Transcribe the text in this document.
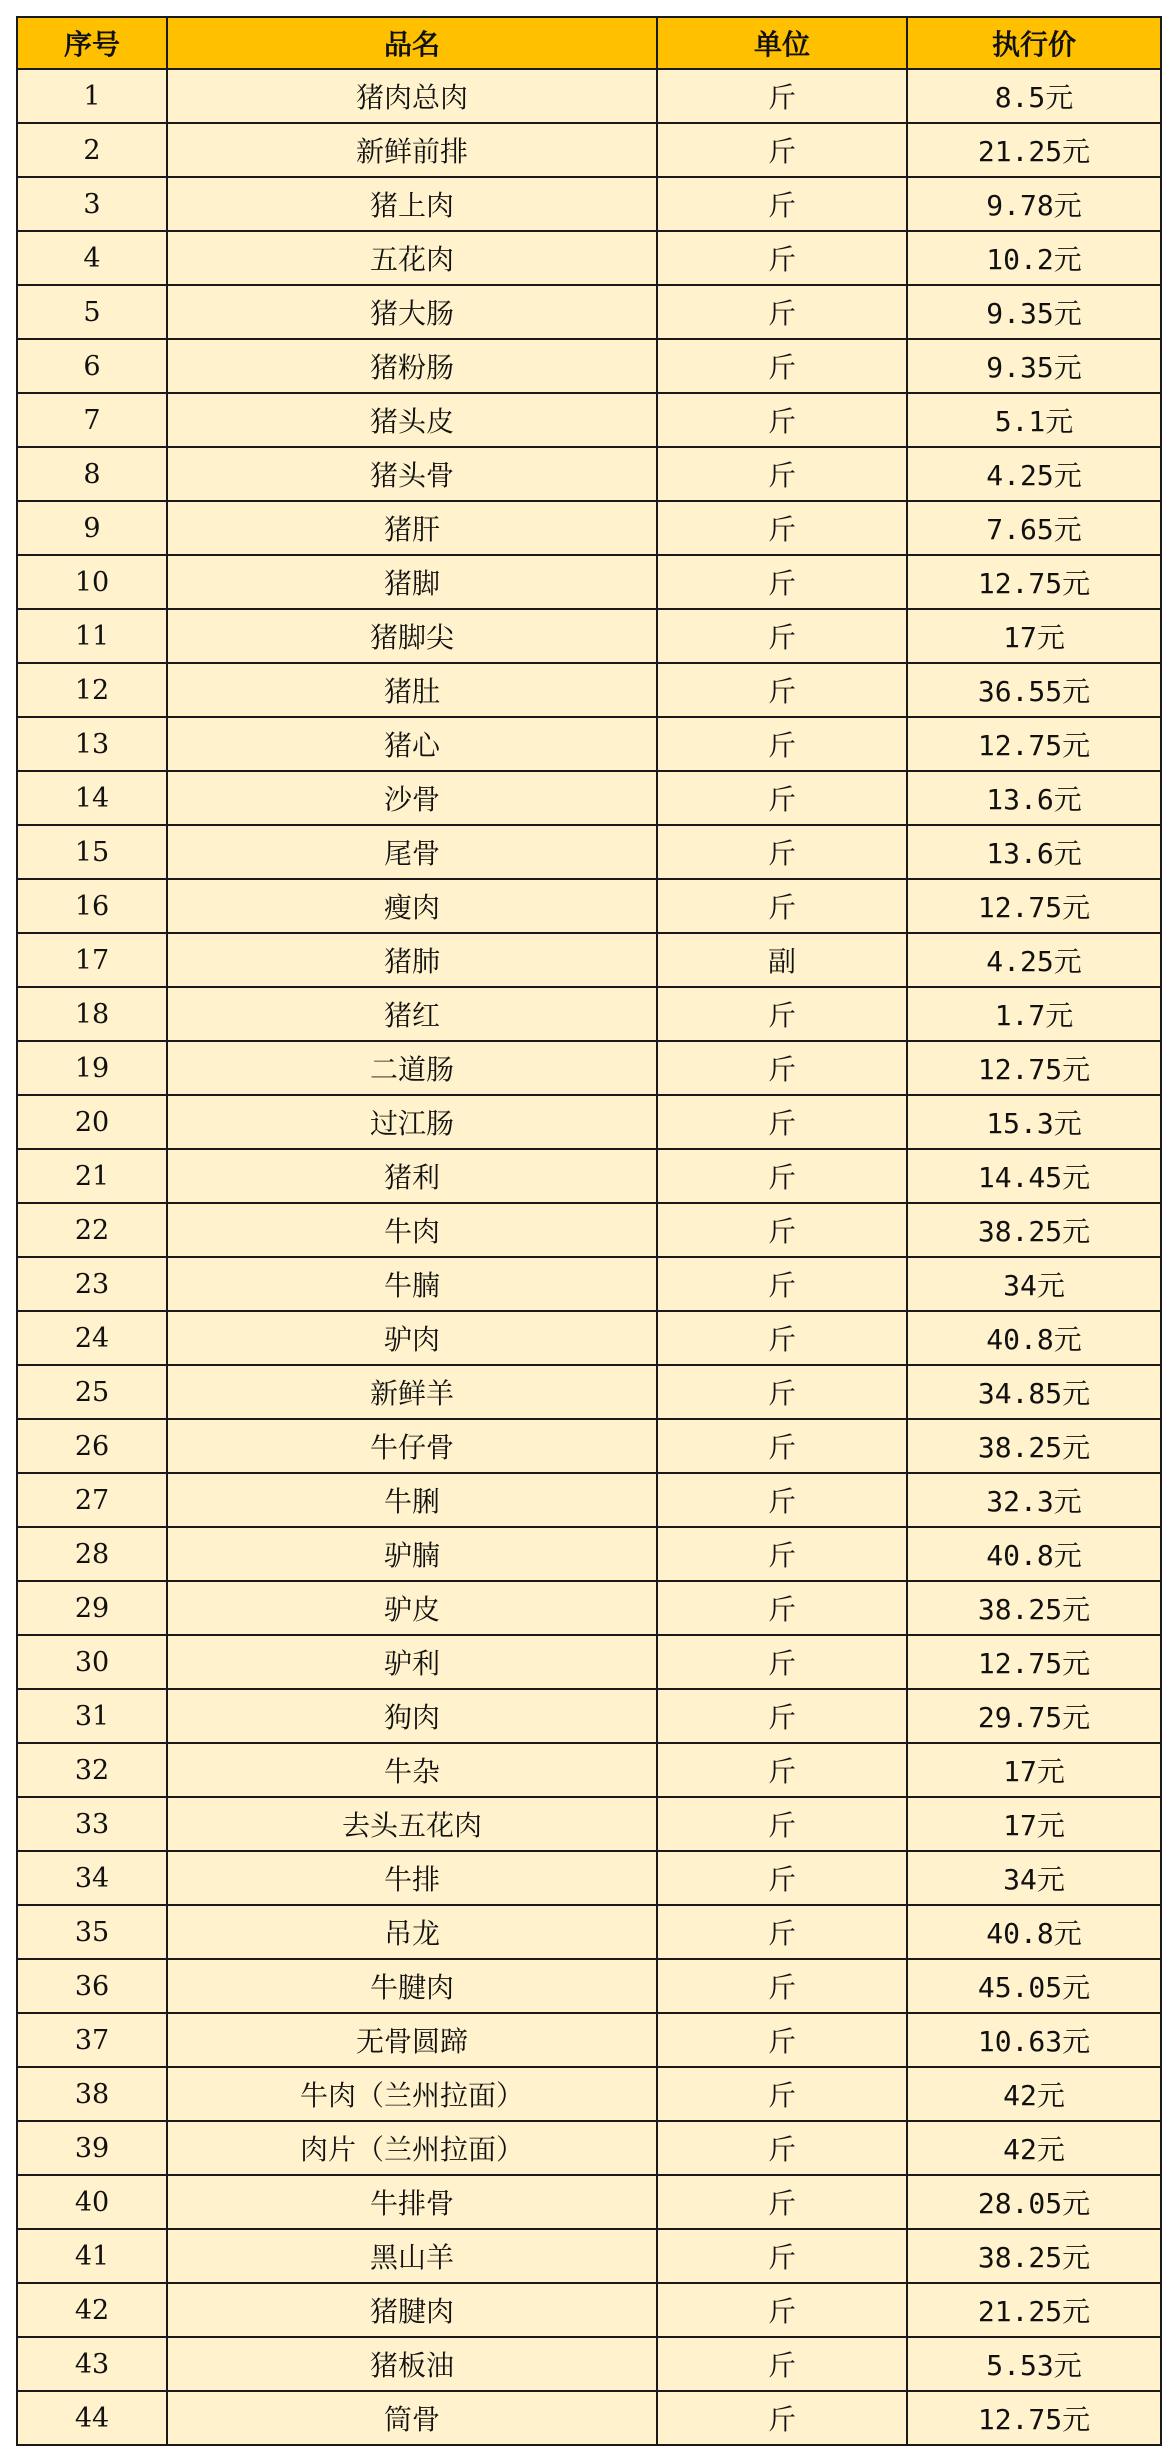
序号	品名	单位	执行价
1	猪肉总肉	斤	8.5元
2	新鲜前排	斤	21.25元
3	猪上肉	斤	9.78元
4	五花肉	斤	10.2元
5	猪大肠	斤	9.35元
6	猪粉肠	斤	9.35元
7	猪头皮	斤	5.1元
8	猪头骨	斤	4.25元
9	猪肝	斤	7.65元
10	猪脚	斤	12.75元
11	猪脚尖	斤	17元
12	猪肚	斤	36.55元
13	猪心	斤	12.75元
14	沙骨	斤	13.6元
15	尾骨	斤	13.6元
16	瘦肉	斤	12.75元
17	猪肺	副	4.25元
18	猪红	斤	1.7元
19	二道肠	斤	12.75元
20	过江肠	斤	15.3元
21	猪利	斤	14.45元
22	牛肉	斤	38.25元
23	牛腩	斤	34元
24	驴肉	斤	40.8元
25	新鲜羊	斤	34.85元
26	牛仔骨	斤	38.25元
27	牛脷	斤	32.3元
28	驴腩	斤	40.8元
29	驴皮	斤	38.25元
30	驴利	斤	12.75元
31	狗肉	斤	29.75元
32	牛杂	斤	17元
33	去头五花肉	斤	17元
34	牛排	斤	34元
35	吊龙	斤	40.8元
36	牛腱肉	斤	45.05元
37	无骨圆蹄	斤	10.63元
38	牛肉（兰州拉面）	斤	42元
39	肉片（兰州拉面）	斤	42元
40	牛排骨	斤	28.05元
41	黑山羊	斤	38.25元
42	猪腱肉	斤	21.25元
43	猪板油	斤	5.53元
44	筒骨	斤	12.75元
